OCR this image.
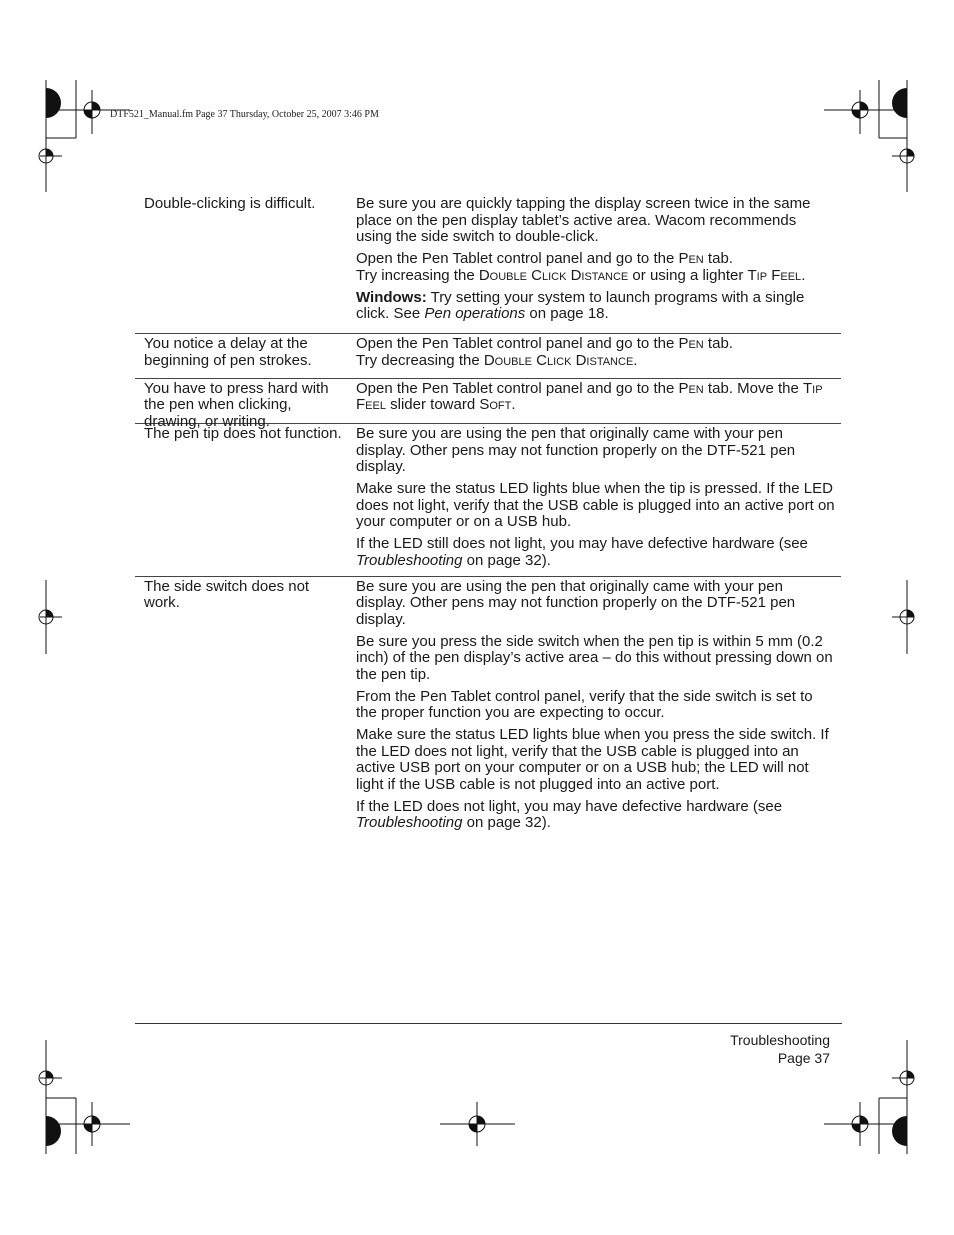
DTF521_Manual.fm Page 37 Thursday, October 25, 2007 3:46 PM
Double-clicking is difficult.	Be sure you are quickly tapping the display screen twice in the same place on the pen display tablet’s active area. Wacom recommends using the side switch to double-click.

Open the Pen Tablet control panel and go to the Pen tab.
Try increasing the Double Click Distance or using a lighter Tip Feel.

Windows: Try setting your system to launch programs with a single click. See Pen operations on page 18.

You notice a delay at the beginning of pen strokes.

Open the Pen Tablet control panel and go to the Pen tab.
Try decreasing the Double Click Distance.

You have to press hard with the pen when clicking, drawing, or writing.

Open the Pen Tablet control panel and go to the Pen tab. Move the Tip Feel slider toward Soft.

The pen tip does not function. Be sure you are using the pen that originally came with your pen display. Other pens may not function properly on the DTF-521 pen display.

Make sure the status LED lights blue when the tip is pressed. If the LED does not light, verify that the USB cable is plugged into an active port on your computer or on a USB hub.

If the LED still does not light, you may have defective hardware (see Troubleshooting on page 32).

The side switch does not work.

Be sure you are using the pen that originally came with your pen display. Other pens may not function properly on the DTF-521 pen display.

Be sure you press the side switch when the pen tip is within 5 mm (0.2 inch) of the pen display’s active area – do this without pressing down on the pen tip.

From the Pen Tablet control panel, verify that the side switch is set to the proper function you are expecting to occur.

Make sure the status LED lights blue when you press the side switch. If the LED does not light, verify that the USB cable is plugged into an active USB port on your computer or on a USB hub; the LED will not light if the USB cable is not plugged into an active port.

If the LED does not light, you may have defective hardware (see Troubleshooting on page 32).

Troubleshooting
Page 37
